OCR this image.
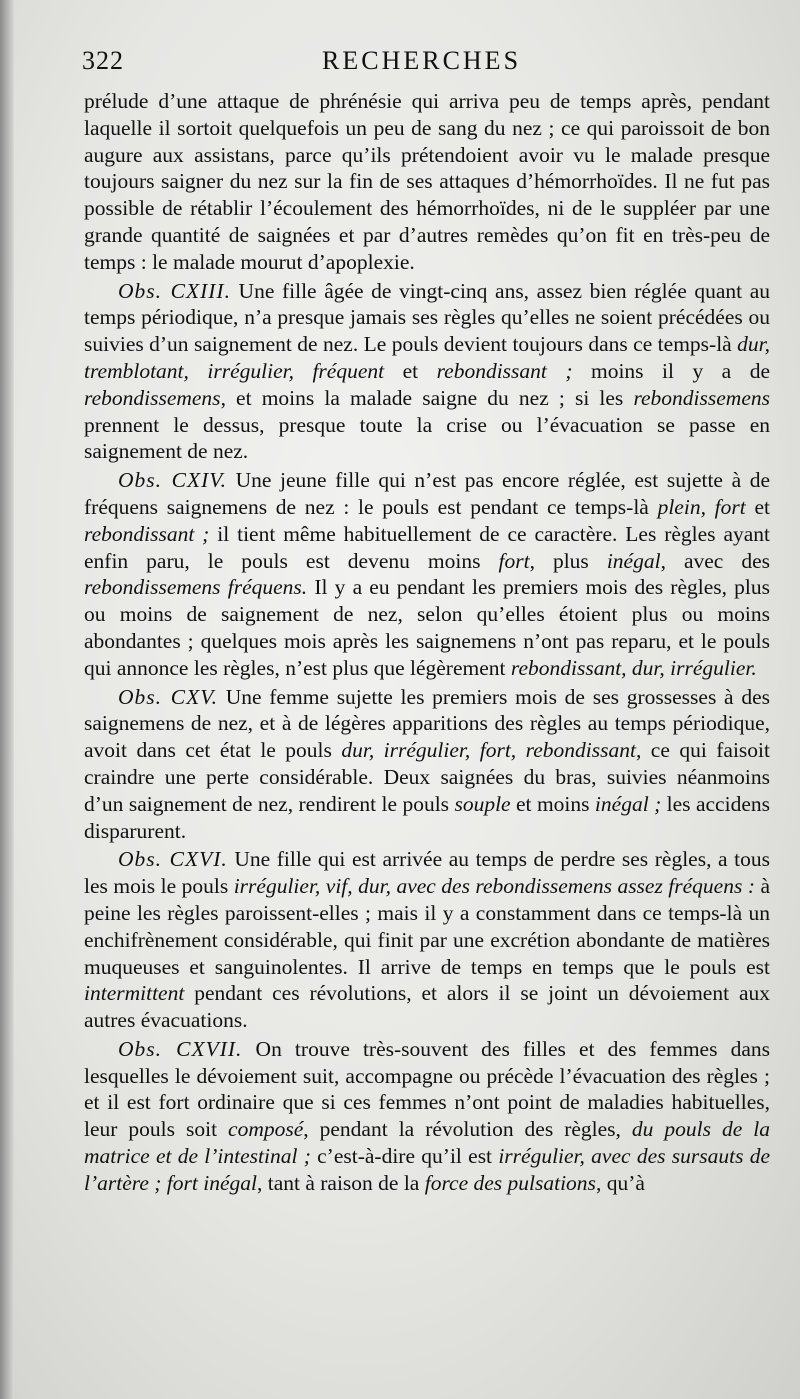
322	RECHERCHES

prélude d’une attaque de phrénésie qui arriva peu de temps après, pendant laquelle il sortoit quelquefois un peu de sang du nez ; ce qui paroissoit de bon augure aux assistans, parce qu’ils prétendoient avoir vu le malade presque toujours saigner du nez sur la fin de ses attaques d’hémorrhoïdes. Il ne fut pas possible de rétablir l’écoulement des hémorrhoïdes, ni de le suppléer par une grande quantité de saignées et par d’autres remèdes qu’on fit en très-peu de temps : le malade mourut d’apoplexie.

Obs. CXIII. Une fille âgée de vingt-cinq ans, assez bien réglée quant au temps périodique, n’a presque jamais ses règles qu’elles ne soient précédées ou suivies d’un saignement de nez. Le pouls devient toujours dans ce temps-là dur, tremblotant, irrégulier, fréquent et rebondissant ; moins il y a de rebondissemens, et moins la malade saigne du nez ; si les rebondissemens prennent le dessus, presque toute la crise ou l’évacuation se passe en saignement de nez.

Obs. CXIV. Une jeune fille qui n’est pas encore réglée, est sujette à de fréquens saignemens de nez : le pouls est pendant ce temps-là plein, fort et rebondissant ; il tient même habituellement de ce caractère. Les règles ayant enfin paru, le pouls est devenu moins fort, plus inégal, avec des rebondissemens fréquens. Il y a eu pendant les premiers mois des règles, plus ou moins de saignement de nez, selon qu’elles étoient plus ou moins abondantes ; quelques mois après les saignemens n’ont pas reparu, et le pouls qui annonce les règles, n’est plus que légèrement rebondissant, dur, irrégulier.

Obs. CXV. Une femme sujette les premiers mois de ses grossesses à des saignemens de nez, et à de légères apparitions des règles au temps périodique, avoit dans cet état le pouls dur, irrégulier, fort, rebondissant, ce qui faisoit craindre une perte considérable. Deux saignées du bras, suivies néanmoins d’un saignement de nez, rendirent le pouls souple et moins inégal ; les accidens disparurent.

Obs. CXVI. Une fille qui est arrivée au temps de perdre ses règles, a tous les mois le pouls irrégulier, vif, dur, avec des rebondissemens assez fréquens : à peine les règles paroissent-elles ; mais il y a constamment dans ce temps-là un enchifrènement considérable, qui finit par une excrétion abondante de matières muqueuses et sanguinolentes. Il arrive de temps en temps que le pouls est intermittent pendant ces révolutions, et alors il se joint un dévoiement aux autres évacuations.

Obs. CXVII. On trouve très-souvent des filles et des femmes dans lesquelles le dévoiement suit, accompagne ou précède l’évacuation des règles ; et il est fort ordinaire que si ces femmes n’ont point de maladies habituelles, leur pouls soit composé, pendant la révolution des règles, du pouls de la matrice et de l’intestinal ; c’est-à-dire qu’il est irrégulier, avec des sursauts de l’artère ; fort inégal, tant à raison de la force des pulsations, qu’à
